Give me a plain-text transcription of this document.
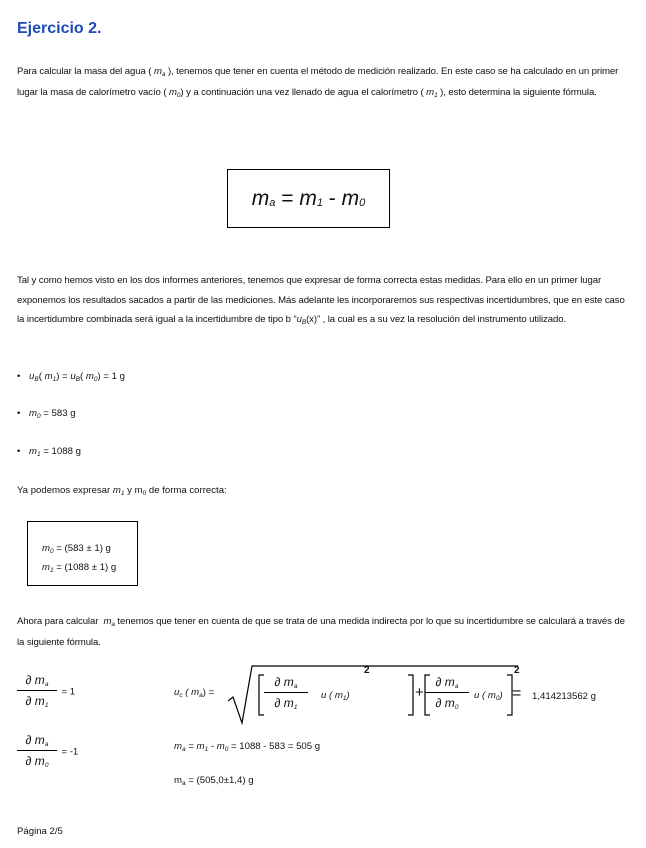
Ejercicio 2.
Para calcular la masa del agua ( $m_a$ ), tenemos que tener en cuenta el método de medición realizado. En este caso se ha calculado en un primer lugar la masa de calorímetro vacío ( $m_0$) y a continuación una vez llenado de agua el calorímetro ( $m_1$ ), esto determina la siguiente fórmula.
m a = m 1 - m 0
Tal y como hemos visto en los dos informes anteriores, tenemos que expresar de forma correcta estas medidas. Para ello en un primer lugar exponemos los resultados sacados a partir de las mediciones. Más adelante les incorporaremos sus respectivas incertidumbres, que en este caso la incertidumbre combinada será igual a la incertidumbre de tipo b “$u_B(x)$” , la cual es a su vez la resolución del instrumento utilizado.
• $u_B$( $m_1) = u_B$( $m_0) = 1$ g
• $m_0 = 583$ g
• $m_1 = 1088$ g
Ya podemos expresar $m_1$ y $m_0$ de forma correcta:
$m_0 = (583 \pm 1)$ g
$m_1 = (1088 \pm 1)$ g
Ahora para calcular  $m_a$ tenemos que tener en cuenta de que se trata de una medida indirecta por lo que su incertidumbre se calculará a través de la siguiente fórmula.
$\frac{\partial ma}{\partial m1} = 1$
$\frac{\partial ma}{\partial m0} = -1$
$u_c$ ( $m_a$) =
∂ ma
∂ m1
u ( $m_1$)
2
+
∂ ma
∂ m0
u ( $m_0$)
2
= 1,414213562 g
$m_a = m_1 - m_0 = 1088 - 583 = 505$ g
$m_a = (505,0\pm 1,4)$ g
Página 2/5
